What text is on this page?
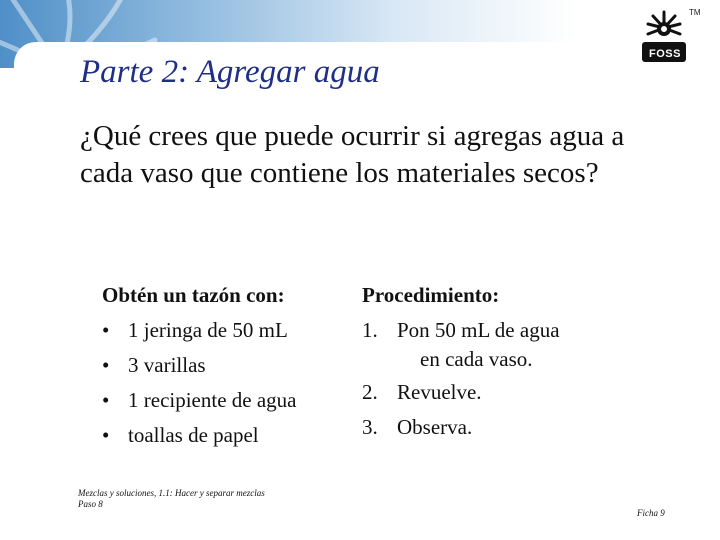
TM
FOSS
Parte 2: Agregar agua

¿Qué crees que puede ocurrir si agregas agua a cada vaso que contiene los materiales secos?

Obtén un tazón con:
• 1 jeringa de 50 mL
• 3 varillas
• 1 recipiente de agua
• toallas de papel
Procedimiento:
1. Pon 50 mL de agua
en cada vaso.
2. Revuelve.
3. Observa.
Mezclas y soluciones, 1.1: Hacer y separar mezclas
Paso 8
Ficha 9
